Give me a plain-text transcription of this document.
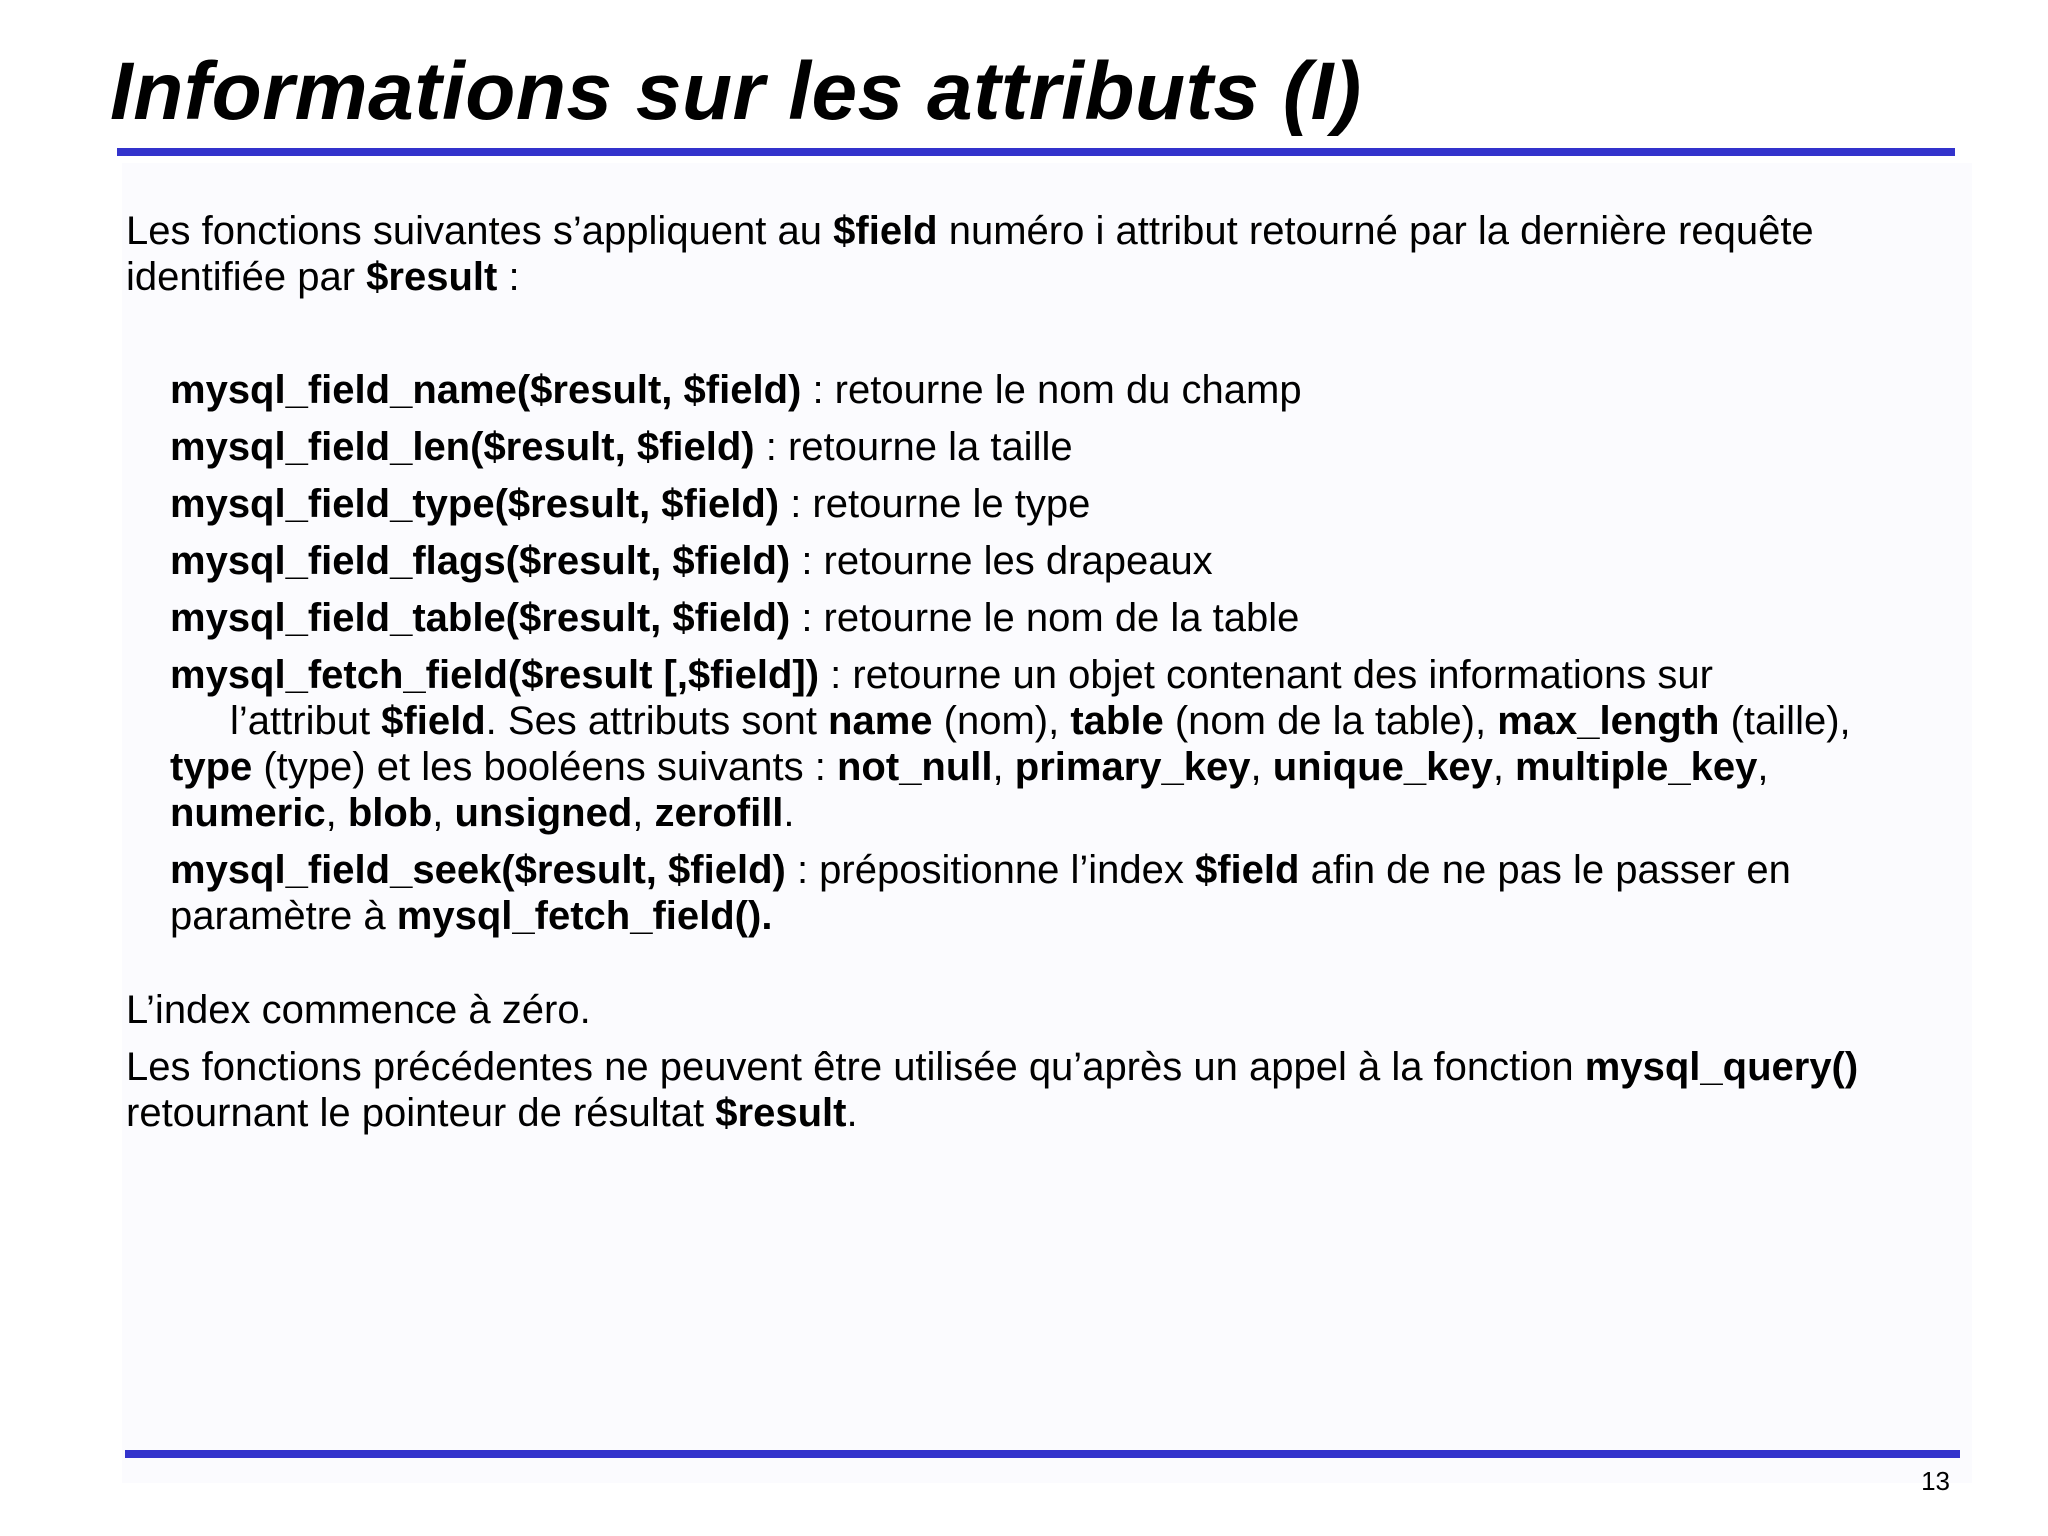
Informations sur les attributs (I)

Les fonctions suivantes s’appliquent au $field numéro i attribut retourné par la dernière requête identifiée par $result :

mysql_field_name($result, $field) : retourne le nom du champ
mysql_field_len($result, $field) : retourne la taille
mysql_field_type($result, $field) : retourne le type
mysql_field_flags($result, $field) : retourne les drapeaux
mysql_field_table($result, $field) : retourne le nom de la table
mysql_fetch_field($result [,$field]) : retourne un objet contenant des informations sur
l’attribut $field. Ses attributs sont name (nom), table (nom de la table), max_length (taille), type (type) et les booléens suivants : not_null, primary_key, unique_key, multiple_key, numeric, blob, unsigned, zerofill.
mysql_field_seek($result, $field) : prépositionne l’index $field afin de ne pas le passer en paramètre à mysql_fetch_field().

L’index commence à zéro.

Les fonctions précédentes ne peuvent être utilisée qu’après un appel à la fonction mysql_query() retournant le pointeur de résultat $result.

13
